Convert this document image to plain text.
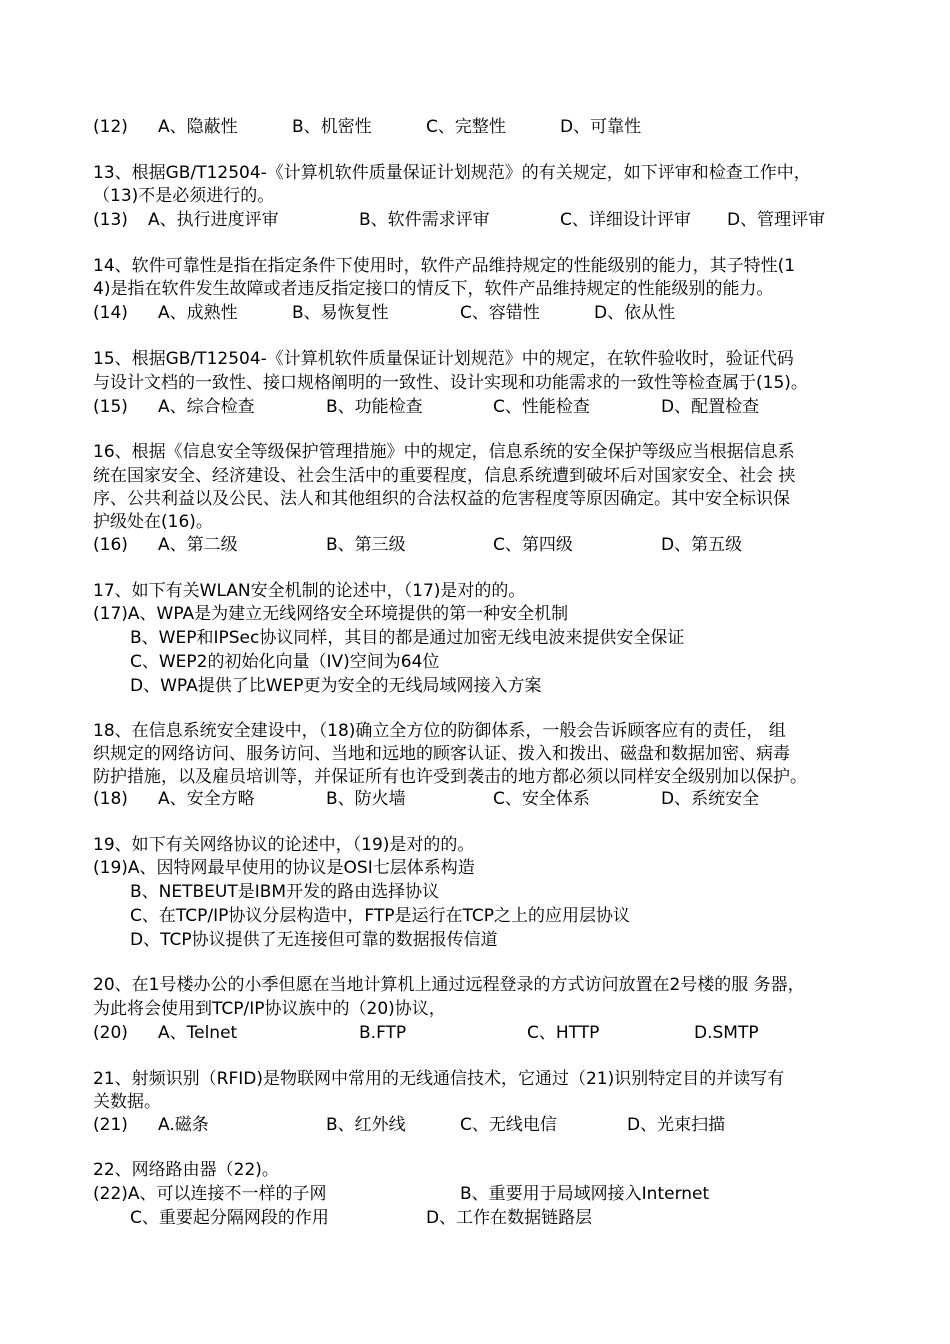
(12) A、隐蔽性	B、机密性	C、完整性	D、可靠性
13、根据GB/T12504-《计算机软件质量保证计划规范》的有关规定，如下评审和检查工作中，
（13)不是必须进行的。
(13) A、执行进度评审	B、软件需求评审	C、详细设计评审 D、管理评审
14、软件可靠性是指在指定条件下使用时，软件产品维持规定的性能级别的能力，其子特性(1
4)是指在软件发生故障或者违反指定接口的情反下，软件产品维持规定的性能级别的能力。
(14) A、成熟性	B、易恢复性	C、容错性	D、依从性
15、根据GB/T12504-《计算机软件质量保证计划规范》中的规定，在软件验收时，验证代码
与设计文档的一致性、接口规格阐明的一致性、设计实现和功能需求的一致性等检查属于(15)。
(15) A、综合检查	B、功能检查	C、性能检查	D、配置检查
16、根据《信息安全等级保护管理措施》中的规定，信息系统的安全保护等级应当根据信息系
统在国家安全、经济建设、社会生活中的重要程度，信息系统遭到破坏后对国家安全、社会 挟
序、公共利益以及公民、法人和其他组织的合法权益的危害程度等原因确定。其中安全标识保
护级处在(16)。
(16) A、第二级	B、第三级	C、第四级	D、第五级
17、如下有关WLAN安全机制的论述中，（17)是对的的。
(17)A、WPA是为建立无线网络安全环境提供的第一种安全机制
B、WEP和IPSec协议同样，其目的都是通过加密无线电波来提供安全保证
C、WEP2的初始化向量（IV)空间为64位
D、WPA提供了比WEP更为安全的无线局域网接入方案
18、在信息系统安全建设中，（18)确立全方位的防御体系，一般会告诉顾客应有的责任， 组
织规定的网络访问、服务访问、当地和远地的顾客认证、拨入和拨出、磁盘和数据加密、病毒
防护措施，以及雇员培训等，并保证所有也许受到袭击的地方都必须以同样安全级别加以保护。
(18) A、安全方略	B、防火墙	C、安全体系	D、系统安全
19、如下有关网络协议的论述中，（19)是对的的。
(19)A、因特网最早使用的协议是OSI七层体系构造
B、NETBEUT是IBM开发的路由选择协议
C、在TCP/IP协议分层构造中，FTP是运行在TCP之上的应用层协议
D、TCP协议提供了无连接但可靠的数据报传信道
20、在1号楼办公的小季但愿在当地计算机上通过远程登录的方式访问放置在2号楼的服 务器，
为此将会使用到TCP/IP协议族中的（20)协议，
(20) A、Telnet	B.FTP	C、HTTP	D.SMTP
21、射频识别（RFID)是物联网中常用的无线通信技术，它通过（21)识别特定目的并读写有
关数据。
(21) A.磁条	B、红外线	C、无线电信	D、光束扫描
22、网络路由器（22)。
(22)A、可以连接不一样的子网	B、重要用于局域网接入Internet
C、重要起分隔网段的作用	D、工作在数据链路层
